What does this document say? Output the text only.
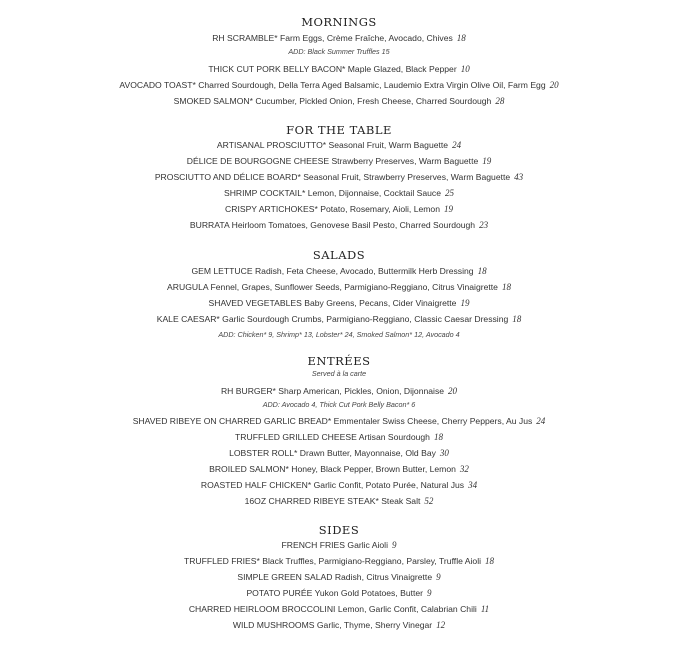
MORNINGS
RH SCRAMBLE* Farm Eggs, Crème Fraîche, Avocado, Chives 18
ADD: Black Summer Truffles 15
THICK CUT PORK BELLY BACON* Maple Glazed, Black Pepper 10
AVOCADO TOAST* Charred Sourdough, Della Terra Aged Balsamic, Laudemio Extra Virgin Olive Oil, Farm Egg 20
SMOKED SALMON* Cucumber, Pickled Onion, Fresh Cheese, Charred Sourdough 28
FOR THE TABLE
ARTISANAL PROSCIUTTO* Seasonal Fruit, Warm Baguette 24
DÉLICE DE BOURGOGNE CHEESE Strawberry Preserves, Warm Baguette 19
PROSCIUTTO AND DÉLICE BOARD* Seasonal Fruit, Strawberry Preserves, Warm Baguette 43
SHRIMP COCKTAIL* Lemon, Dijonnaise, Cocktail Sauce 25
CRISPY ARTICHOKES* Potato, Rosemary, Aioli, Lemon 19
BURRATA Heirloom Tomatoes, Genovese Basil Pesto, Charred Sourdough 23
SALADS
GEM LETTUCE Radish, Feta Cheese, Avocado, Buttermilk Herb Dressing 18
ARUGULA Fennel, Grapes, Sunflower Seeds, Parmigiano-Reggiano, Citrus Vinaigrette 18
SHAVED VEGETABLES Baby Greens, Pecans, Cider Vinaigrette 19
KALE CAESAR* Garlic Sourdough Crumbs, Parmigiano-Reggiano, Classic Caesar Dressing 18
ADD: Chicken* 9, Shrimp* 13, Lobster* 24, Smoked Salmon* 12, Avocado 4
ENTRÉES
Served à la carte
RH BURGER* Sharp American, Pickles, Onion, Dijonnaise 20
ADD: Avocado 4, Thick Cut Pork Belly Bacon* 6
SHAVED RIBEYE ON CHARRED GARLIC BREAD* Emmentaler Swiss Cheese, Cherry Peppers, Au Jus 24
TRUFFLED GRILLED CHEESE Artisan Sourdough 18
LOBSTER ROLL* Drawn Butter, Mayonnaise, Old Bay 30
BROILED SALMON* Honey, Black Pepper, Brown Butter, Lemon 32
ROASTED HALF CHICKEN* Garlic Confit, Potato Purée, Natural Jus 34
16OZ CHARRED RIBEYE STEAK* Steak Salt 52
SIDES
FRENCH FRIES Garlic Aioli 9
TRUFFLED FRIES* Black Truffles, Parmigiano-Reggiano, Parsley, Truffle Aioli 18
SIMPLE GREEN SALAD Radish, Citrus Vinaigrette 9
POTATO PURÉE Yukon Gold Potatoes, Butter 9
CHARRED HEIRLOOM BROCCOLINI Lemon, Garlic Confit, Calabrian Chili 11
WILD MUSHROOMS Garlic, Thyme, Sherry Vinegar 12
